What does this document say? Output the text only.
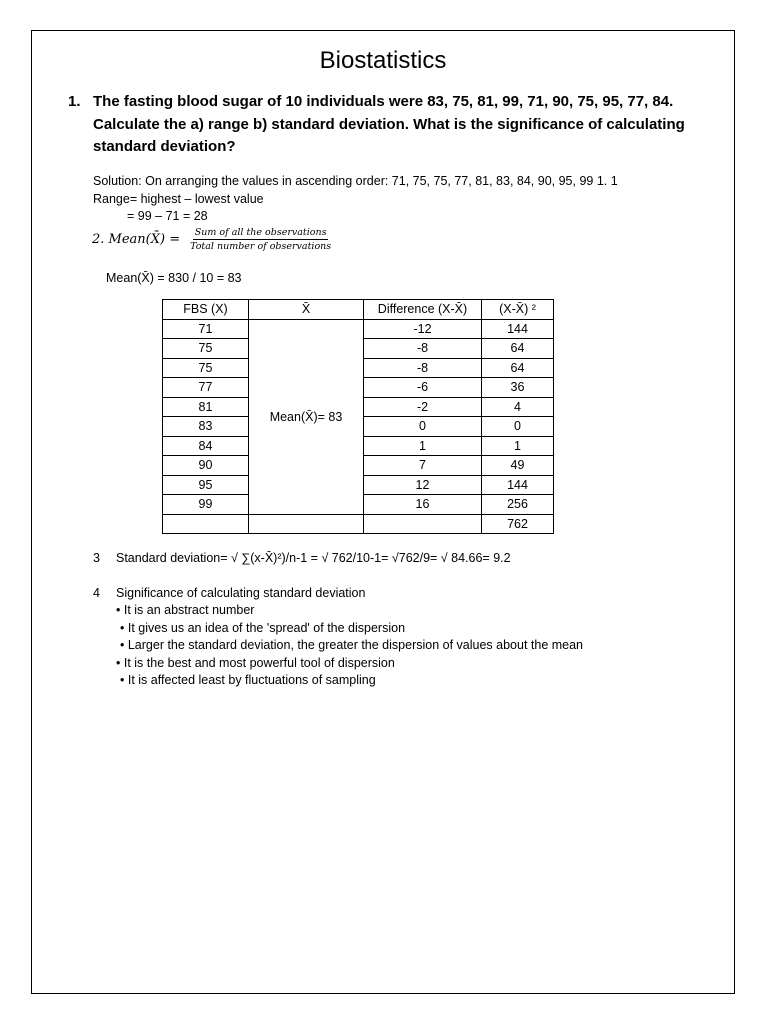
Biostatistics
1. The fasting blood sugar of 10 individuals were 83, 75, 81, 99, 71, 90, 75, 95, 77, 84. Calculate the a) range b) standard deviation. What is the significance of calculating standard deviation?
Solution: On arranging the values in ascending order: 71, 75, 75, 77, 81, 83, 84, 90, 95, 99 1. 1
Range= highest – lowest value
= 99 – 71 = 28
2. Mean(X̄) = $\frac{\text{Sum of all the observations}}{\text{Total number of observations}}$
Mean(X̄) = 830 / 10 = 83
FBS (X)	X̄	Difference (X-X̄)	(X-X̄) ²
71	Mean(X̄)= 83	-12	144
75		-8	64
75		-8	64
77		-6	36
81		-2	4
83		0	0
84		1	1
90		7	49
95		12	144
99		16	256
			762
3 Standard deviation= √ ∑(x-X̄)²)/n-1 = √ 762/10-1= √762/9= √ 84.66= 9.2
4 Significance of calculating standard deviation
• It is an abstract number
• It gives us an idea of the 'spread' of the dispersion
• Larger the standard deviation, the greater the dispersion of values about the mean
• It is the best and most powerful tool of dispersion
• It is affected least by fluctuations of sampling
